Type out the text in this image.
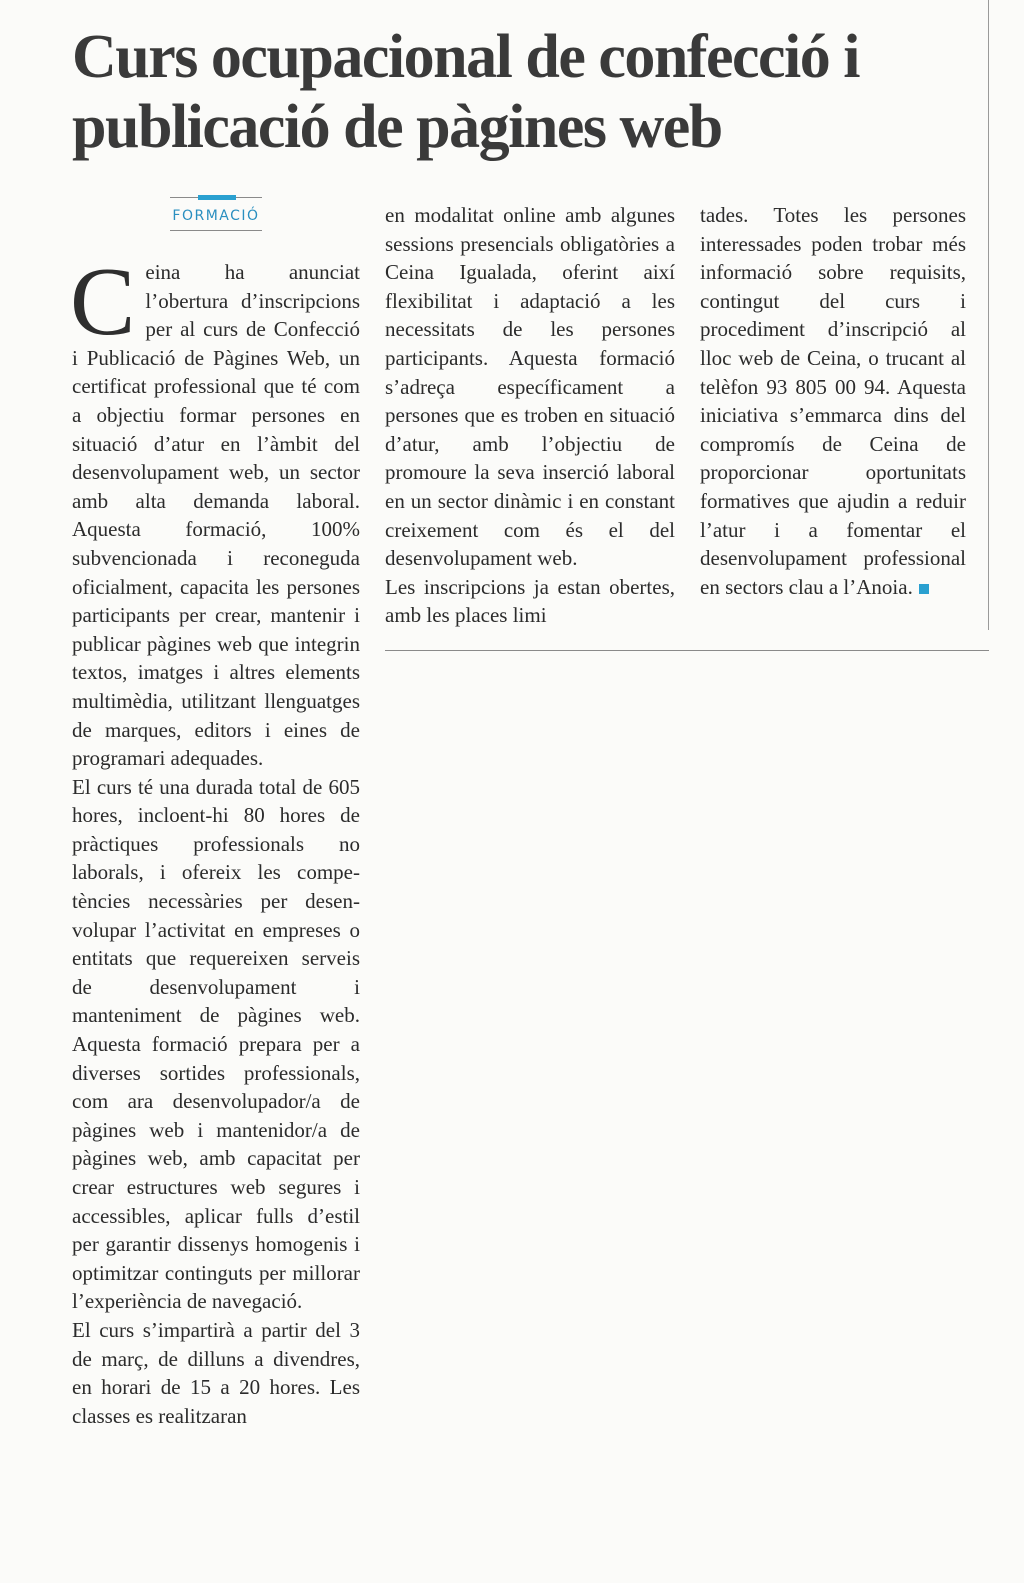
Curs ocupacional de confecció i publicació de pàgines web
FORMACIÓ

C eina ha anunciat l’obertura d’inscripcions per al curs de Confecció i Publicació de Pàgines Web, un certificat professional que té com a objectiu formar persones en situació d’atur en l’àmbit del desenvolupament web, un sector amb alta demanda laboral. Aquesta formació, 100% subvencionada i reconeguda oficialment, capacita les persones participants per crear, mantenir i publicar pàgines web que integrin textos, imatges i altres elements multimèdia, utilitzant llenguatges de marques, editors i eines de programari adequades.

El curs té una durada total de 605 hores, incloent-hi 80 hores de pràctiques professionals no laborals, i ofereix les competències necessàries per desenvolupar l’activitat en empreses o entitats que requereixen serveis de desenvolupament i manteniment de pàgines web. Aquesta formació prepara per a diverses sortides professionals, com ara desenvolupador/a de pàgines web i mantenidor/a de pàgines web, amb capacitat per crear estructures web segures i accessibles, aplicar fulls d’estil per garantir dissenys homogenis i optimitzar continguts per millorar l’experiència de navegació.

El curs s’impartirà a partir del 3 de març, de dilluns a divendres, en horari de 15 a 20 hores. Les classes es realitzaran

en modalitat online amb algunes sessions presencials obligatòries a Ceina Igualada, oferint així flexibilitat i adaptació a les necessitats de les persones participants. Aquesta formació s’adreça específicament a persones que es troben en situació d’atur, amb l’objectiu de promoure la seva inserció laboral en un sector dinàmic i en constant creixement com és el del desenvolupament web.

Les inscripcions ja estan obertes, amb les places limi

tades. Totes les persones interessades poden trobar més informació sobre requisits, contingut del curs i procediment d’inscripció al lloc web de Ceina, o trucant al telèfon 93 805 00 94. Aquesta iniciativa s’emmarca dins del compromís de Ceina de proporcionar oportunitats formatives que ajudin a reduir l’atur i a fomentar el desenvolupament professional en sectors clau a l’Anoia.
